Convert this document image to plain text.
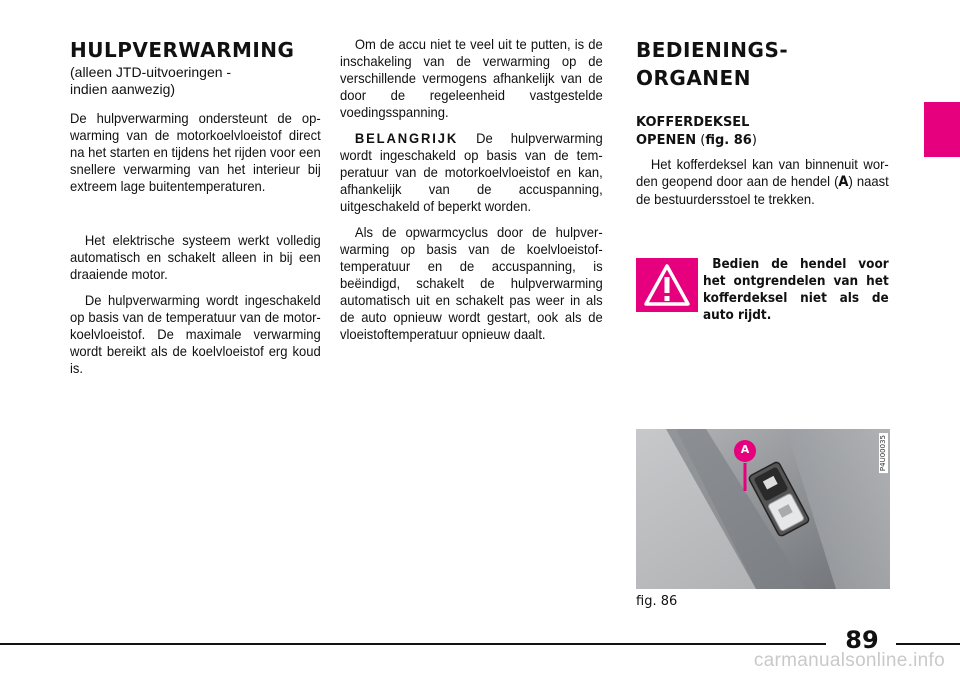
HULPVERWARMING
(alleen JTD-uitvoeringen -
indien aanwezig)

De hulpverwarming ondersteunt de op-warming van de motorkoelvloeistof direct na het starten en tijdens het rijden voor een snellere verwarming van het interieur bij extreem lage buitentemperaturen.

Het elektrische systeem werkt volledig automatisch en schakelt alleen in bij een draaiende motor.

De hulpverwarming wordt ingeschakeld op basis van de temperatuur van de motor-koelvloeistof. De maximale verwarming wordt bereikt als de koelvloeistof erg koud is.

Om de accu niet te veel uit te putten, is de inschakeling van de verwarming op de verschillende vermogens afhankelijk van de door de regeleenheid vastgestelde voedingsspanning.

BELANGRIJK De hulpverwarming wordt ingeschakeld op basis van de tem-peratuur van de motorkoelvloeistof en kan, afhankelijk van de accuspanning, uitgeschakeld of beperkt worden.

Als de opwarmcyclus door de hulpver-warming op basis van de koelvloeistof-temperatuur en de accuspanning, is beëindigd, schakelt de hulpverwarming automatisch uit en schakelt pas weer in als de auto opnieuw wordt gestart, ook als de vloeistoftemperatuur opnieuw daalt.

BEDIENINGS-
ORGANEN
KOFFERDEKSEL
OPENEN (fig. 86)

Het kofferdeksel kan van binnenuit wor-den geopend door aan de hendel (A) naast de bestuurdersstoel te trekken.

Bedien de hendel voor het ontgrendelen van het kofferdeksel niet als de auto rijdt.

A	P4U00035
fig. 86
89
carmanualsonline.info
